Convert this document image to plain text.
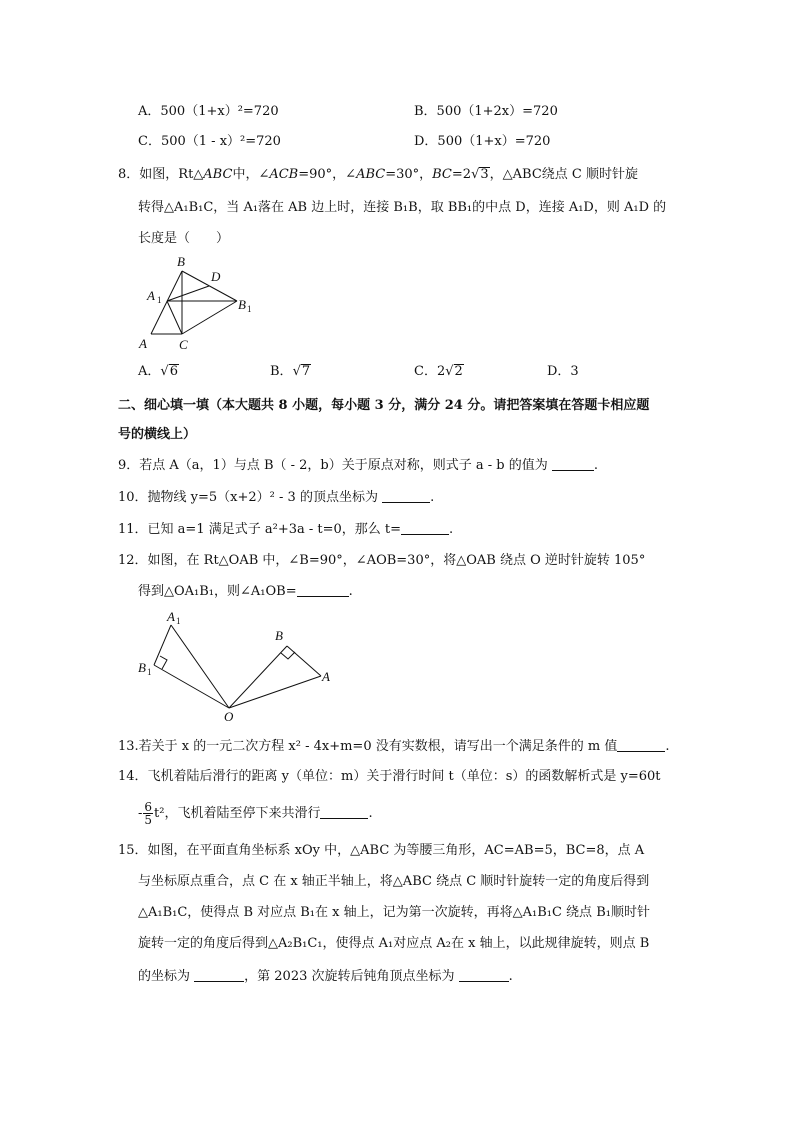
A．500（1+x）²=720	B．500（1+2x）=720
C．500（1 - x）²=720	D．500（1+x）=720
8．如图，Rt△ABC中，∠ACB=90°，∠ABC=30°，BC=2√3，△ABC绕点 C 顺时针旋
转得△A₁B₁C，当 A₁落在 AB 边上时，连接 B₁B，取 BB₁的中点 D，连接 A₁D，则 A₁D 的
长度是（　　）
B
D
A 1	B 1
A C
A．√6	B．√7	C．2√2	D．3
二、细心填一填（本大题共 8 小题，每小题 3 分，满分 24 分。请把答案填在答题卡相应题
号的横线上）
9．若点 A（a，1）与点 B（ - 2，b）关于原点对称，则式子 a - b 的值为	.
10．抛物线 y=5（x+2）² - 3 的顶点坐标为	.
11．已知 a=1 满足式子 a²+3a - t=0，那么 t=	.
12．如图，在 Rt△OAB 中，∠B=90°，∠AOB=30°，将△OAB 绕点 O 逆时针旋转 105°
得到△OA₁B₁，则∠A₁OB=	.
A 1
B 1
B
A
O
13.若关于 x 的一元二次方程 x² - 4x+m=0 没有实数根，请写出一个满足条件的 m 值	.
14．飞机着陆后滑行的距离 y（单位：m）关于滑行时间 t（单位：s）的函数解析式是 y=60t
- $\frac{6}{5} t^2$，飞机着陆至停下来共滑行	.
15．如图，在平面直角坐标系 xOy 中，△ABC 为等腰三角形，AC=AB=5，BC=8，点 A
与坐标原点重合，点 C 在 x 轴正半轴上，将△ABC 绕点 C 顺时针旋转一定的角度后得到
△A₁B₁C，使得点 B 对应点 B₁在 x 轴上，记为第一次旋转，再将△A₁B₁C 绕点 B₁顺时针
旋转一定的角度后得到△A₂B₁C₁，使得点 A₁对应点 A₂在 x 轴上，以此规律旋转，则点 B
的坐标为	，第 2023 次旋转后钝角顶点坐标为	.
